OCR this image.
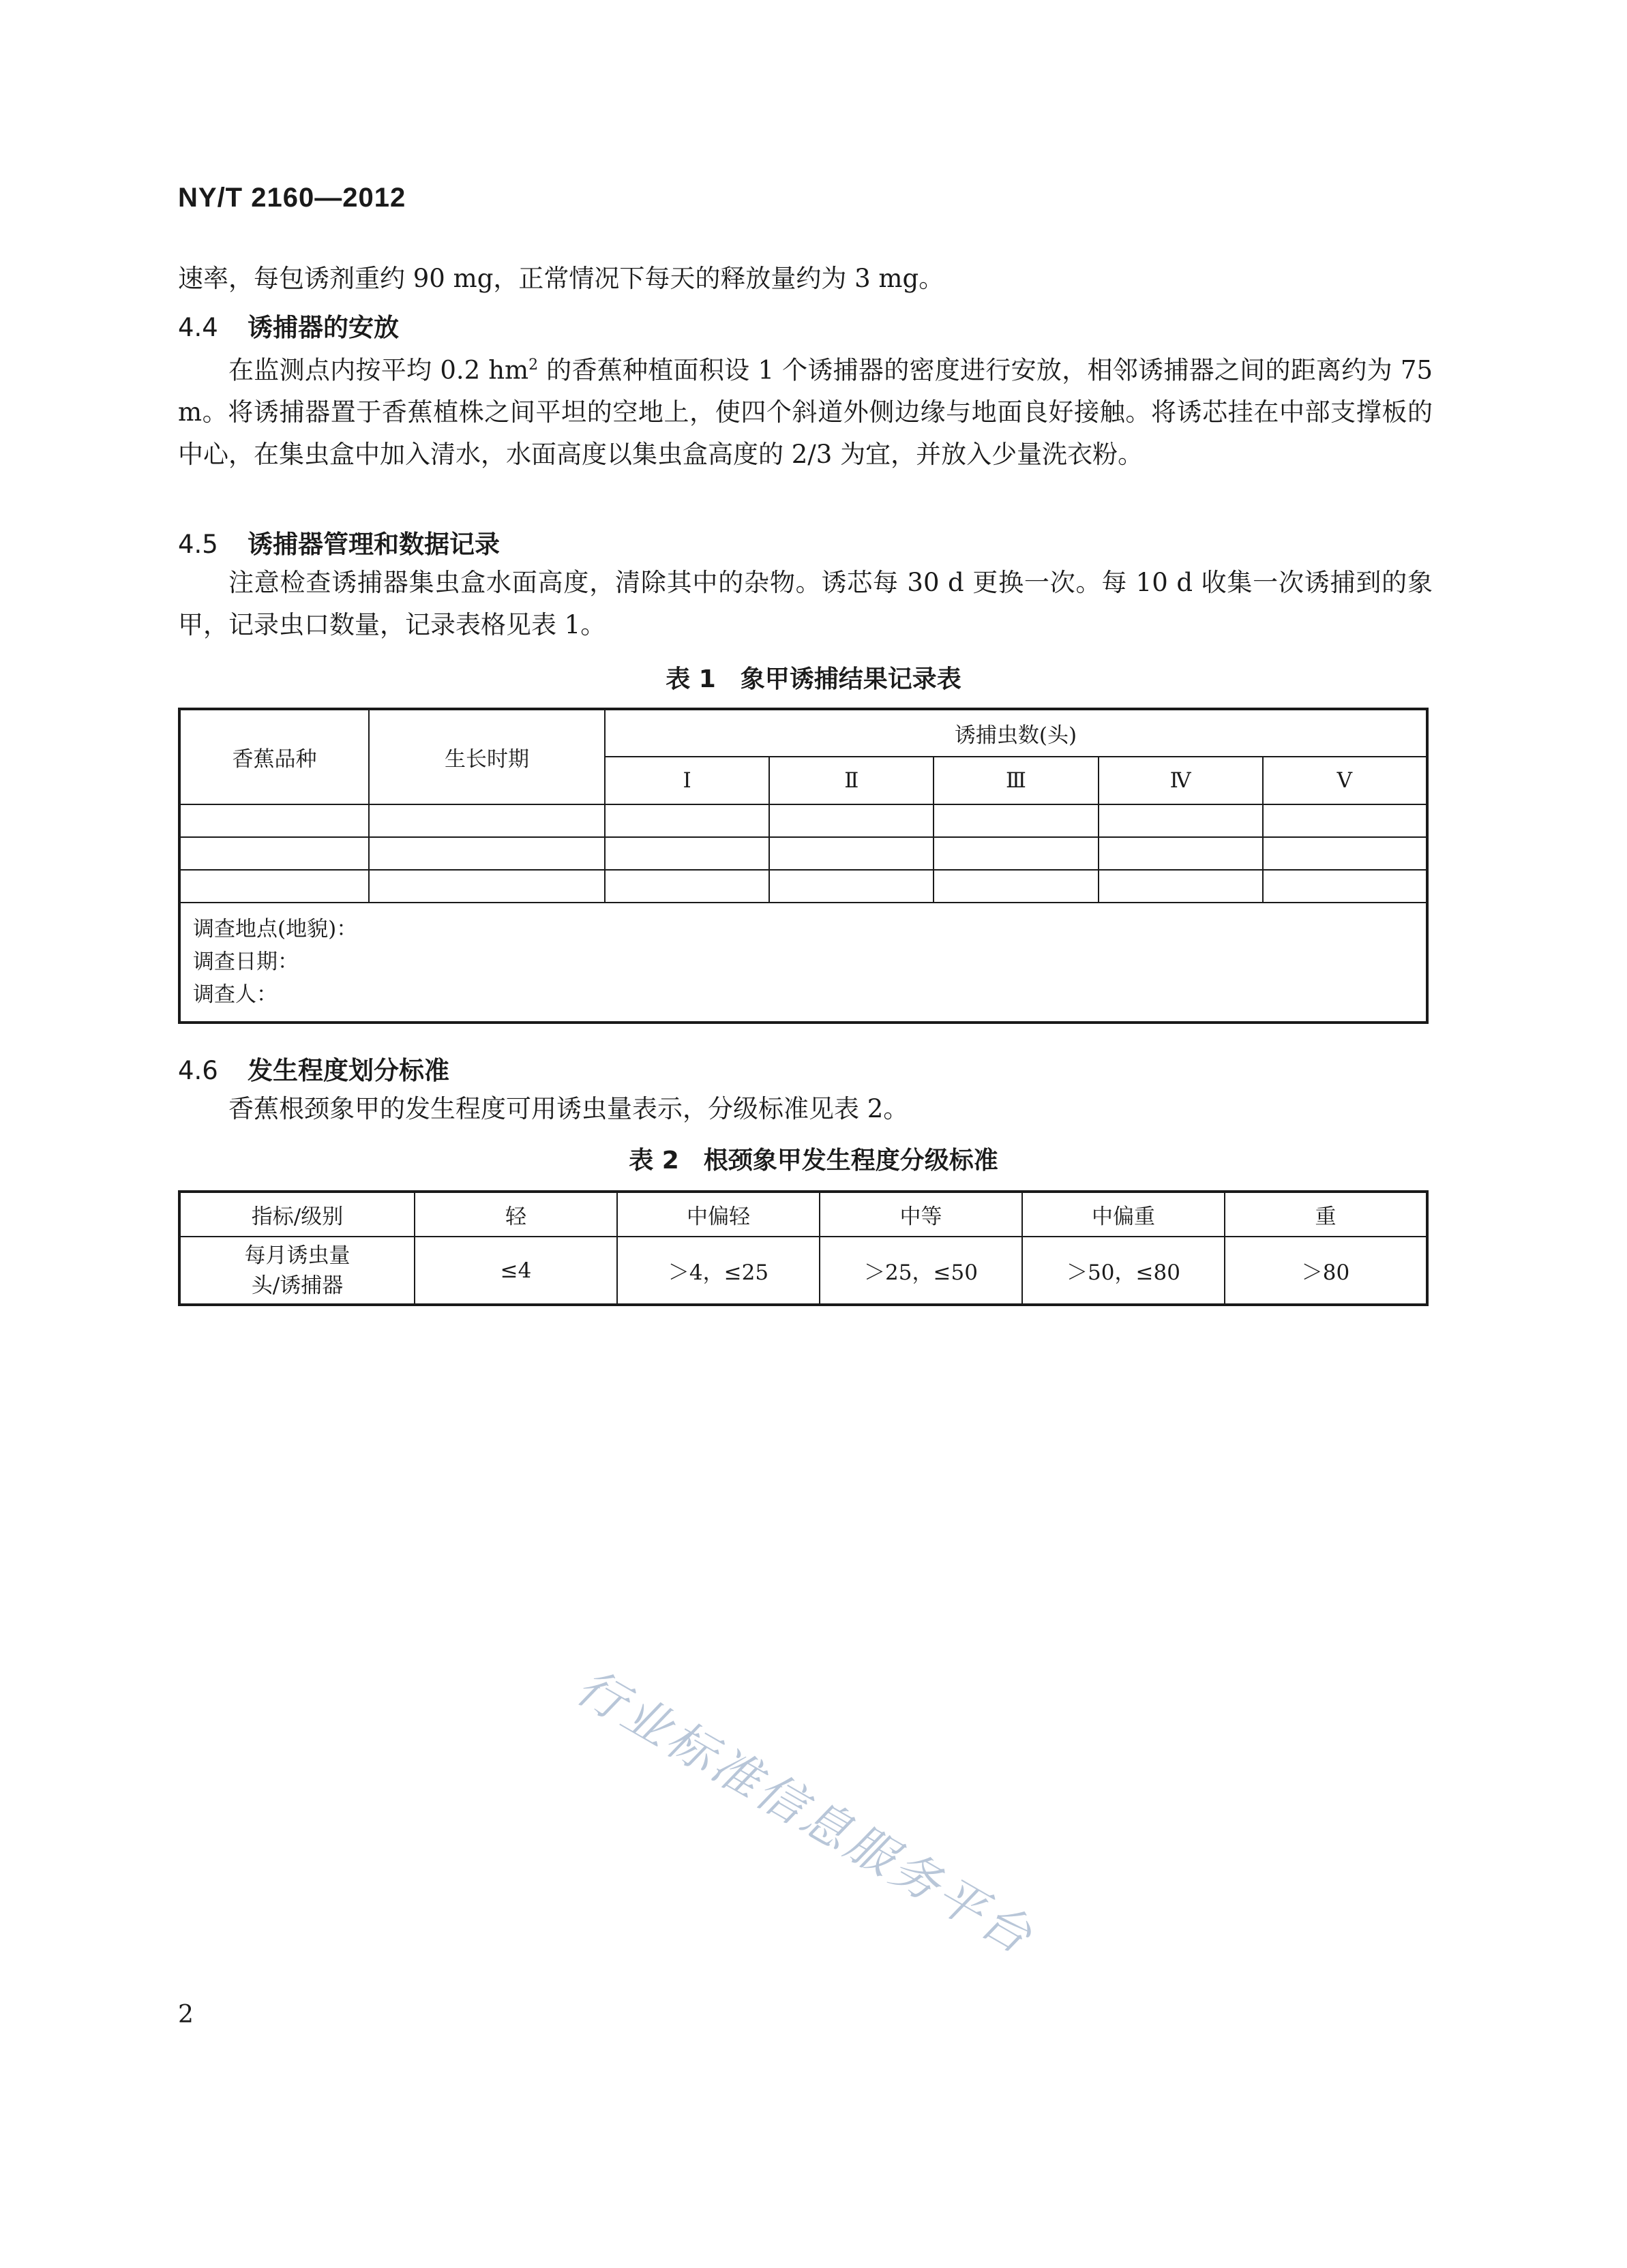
NY/T 2160—2012
速率，每包诱剂重约 90 mg，正常情况下每天的释放量约为 3 mg。
4.4 诱捕器的安放

在监测点内按平均 0.2 $hm^2$ 的香蕉种植面积设 1 个诱捕器的密度进行安放，相邻诱捕器之间的距离约为 75 m。将诱捕器置于香蕉植株之间平坦的空地上，使四个斜道外侧边缘与地面良好接触。将诱芯挂在中部支撑板的中心，在集虫盒中加入清水，水面高度以集虫盒高度的 2/3 为宜，并放入少量洗衣粉。

4.5 诱捕器管理和数据记录

注意检查诱捕器集虫盒水面高度，清除其中的杂物。诱芯每 30 d 更换一次。每 10 d 收集一次诱捕到的象甲，记录虫口数量，记录表格见表 1。

表 1　象甲诱捕结果记录表
香蕉品种	生长时期	诱捕虫数(头)				
		I	Ⅱ	Ⅲ	Ⅳ	V

调查地点(地貌)：
调查日期：
调查人：						
4.6 发生程度划分标准

香蕉根颈象甲的发生程度可用诱虫量表示，分级标准见表 2。

表 2　根颈象甲发生程度分级标准
指标/级别	轻	中偏轻	中等	中偏重	重

每月诱虫量
头/诱捕器	≤4	＞4，≤25	＞25，≤50	＞50，≤80	＞80
行业标准信息服务平台
2
